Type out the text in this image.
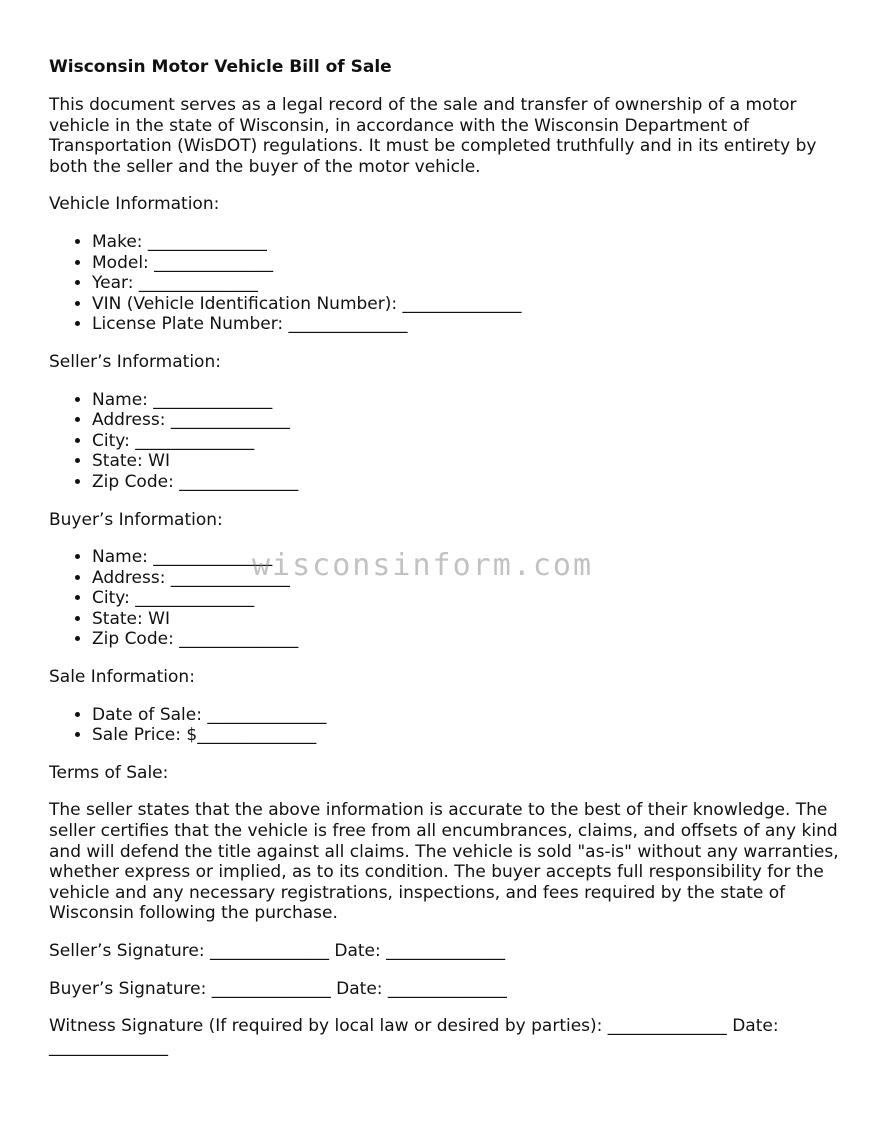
Wisconsin Motor Vehicle Bill of Sale

This document serves as a legal record of the sale and transfer of ownership of a motor vehicle in the state of Wisconsin, in accordance with the Wisconsin Department of Transportation (WisDOT) regulations. It must be completed truthfully and in its entirety by both the seller and the buyer of the motor vehicle.

Vehicle Information:

• Make: ______________
• Model: ______________
• Year: ______________
• VIN (Vehicle Identification Number): ______________
• License Plate Number: ______________

Seller’s Information:

• Name: ______________
• Address: ______________
• City: ______________
• State: WI
• Zip Code: ______________

Buyer’s Information:

• Name: ______________
• Address: ______________
• City: ______________
• State: WI
• Zip Code: ______________

Sale Information:

• Date of Sale: ______________
• Sale Price: $______________

Terms of Sale:

The seller states that the above information is accurate to the best of their knowledge. The seller certifies that the vehicle is free from all encumbrances, claims, and offsets of any kind and will defend the title against all claims. The vehicle is sold "as-is" without any warranties, whether express or implied, as to its condition. The buyer accepts full responsibility for the vehicle and any necessary registrations, inspections, and fees required by the state of Wisconsin following the purchase.

Seller’s Signature: ______________ Date: ______________

Buyer’s Signature: ______________ Date: ______________

Witness Signature (If required by local law or desired by parties): ______________ Date: ______________

wisconsinform.com
